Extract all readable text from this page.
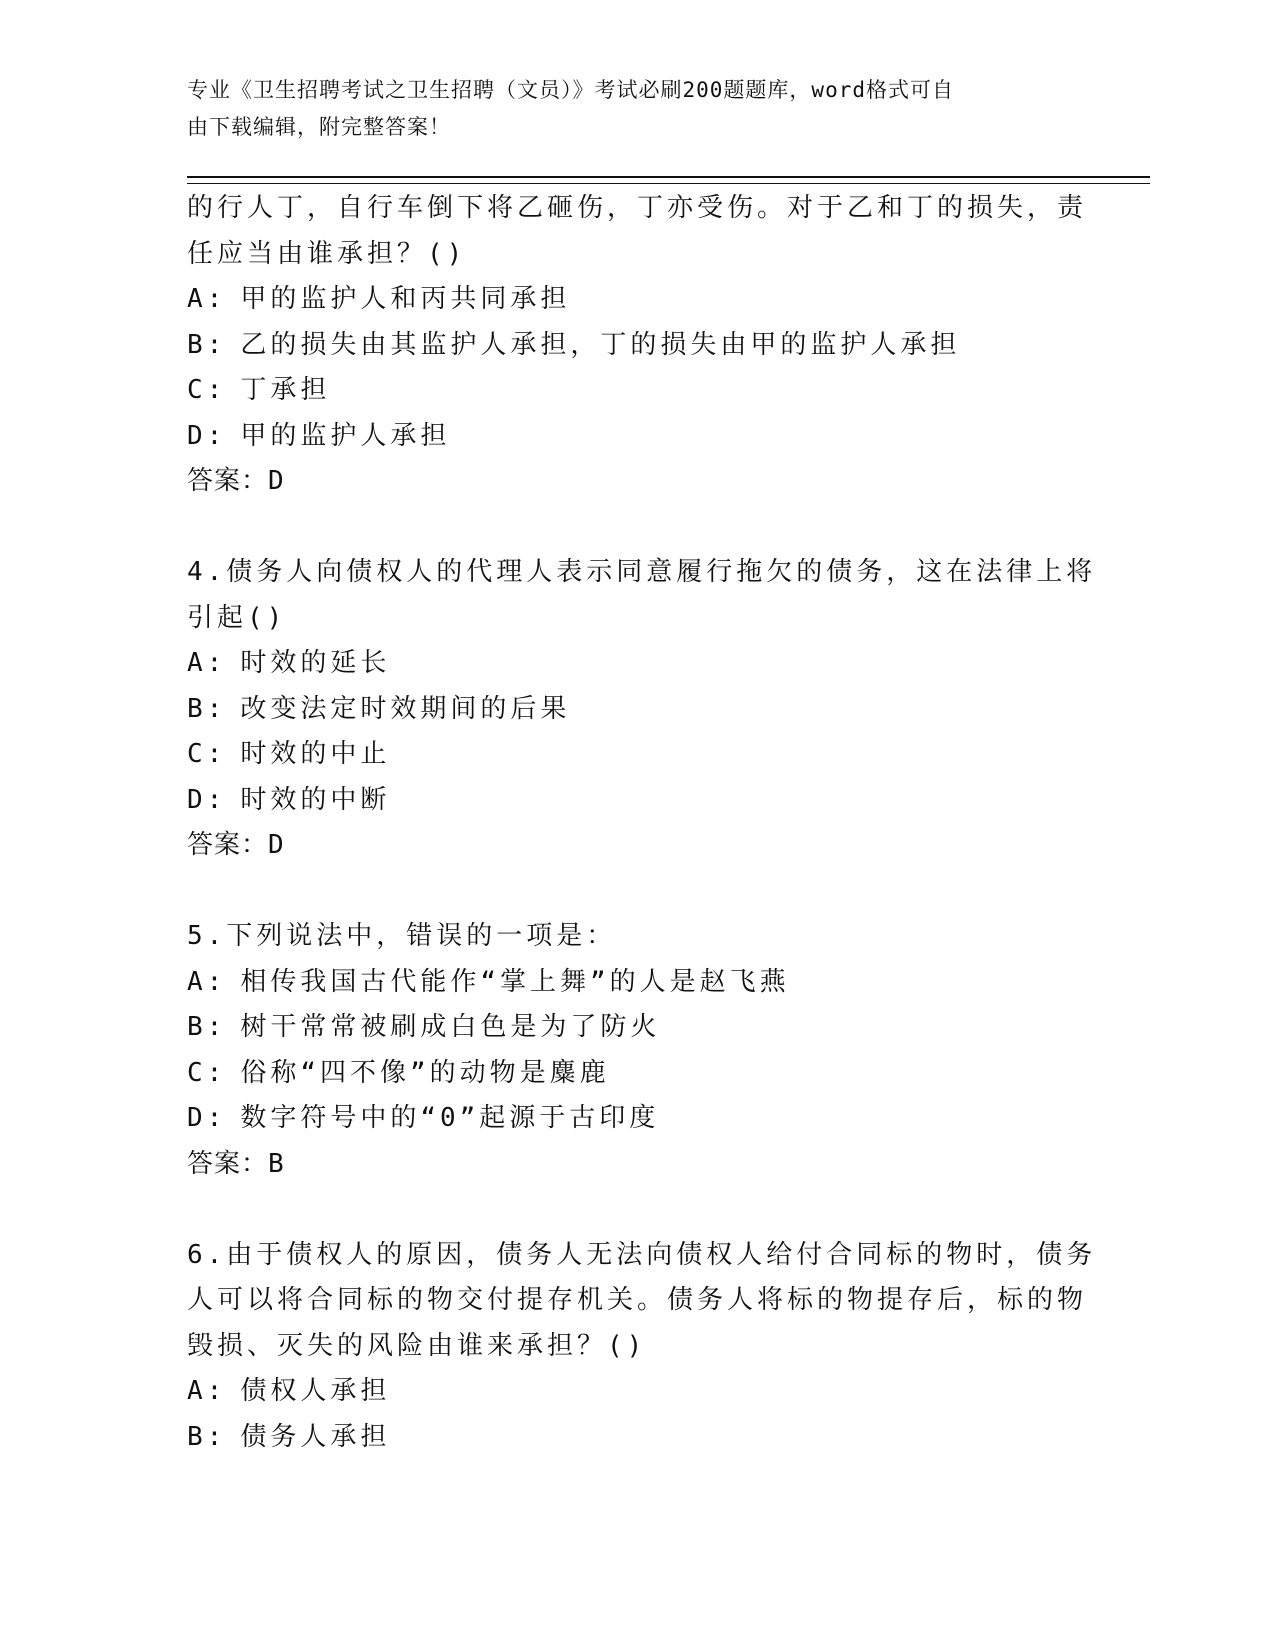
专业《卫生招聘考试之卫生招聘（文员）》考试必刷200题题库，word格式可自
由下载编辑，附完整答案！
的行人丁，自行车倒下将乙砸伤，丁亦受伤。对于乙和丁的损失，责
任应当由谁承担？()
A: 甲的监护人和丙共同承担
B: 乙的损失由其监护人承担，丁的损失由甲的监护人承担
C: 丁承担
D: 甲的监护人承担
答案：D
4.债务人向债权人的代理人表示同意履行拖欠的债务，这在法律上将
引起()
A: 时效的延长
B: 改变法定时效期间的后果
C: 时效的中止
D: 时效的中断
答案：D
5.下列说法中，错误的一项是：
A: 相传我国古代能作“掌上舞”的人是赵飞燕
B: 树干常常被刷成白色是为了防火
C: 俗称“四不像”的动物是麋鹿
D: 数字符号中的“0”起源于古印度
答案：B
6.由于债权人的原因，债务人无法向债权人给付合同标的物时，债务
人可以将合同标的物交付提存机关。债务人将标的物提存后，标的物
毁损、灭失的风险由谁来承担？()
A: 债权人承担
B: 债务人承担
